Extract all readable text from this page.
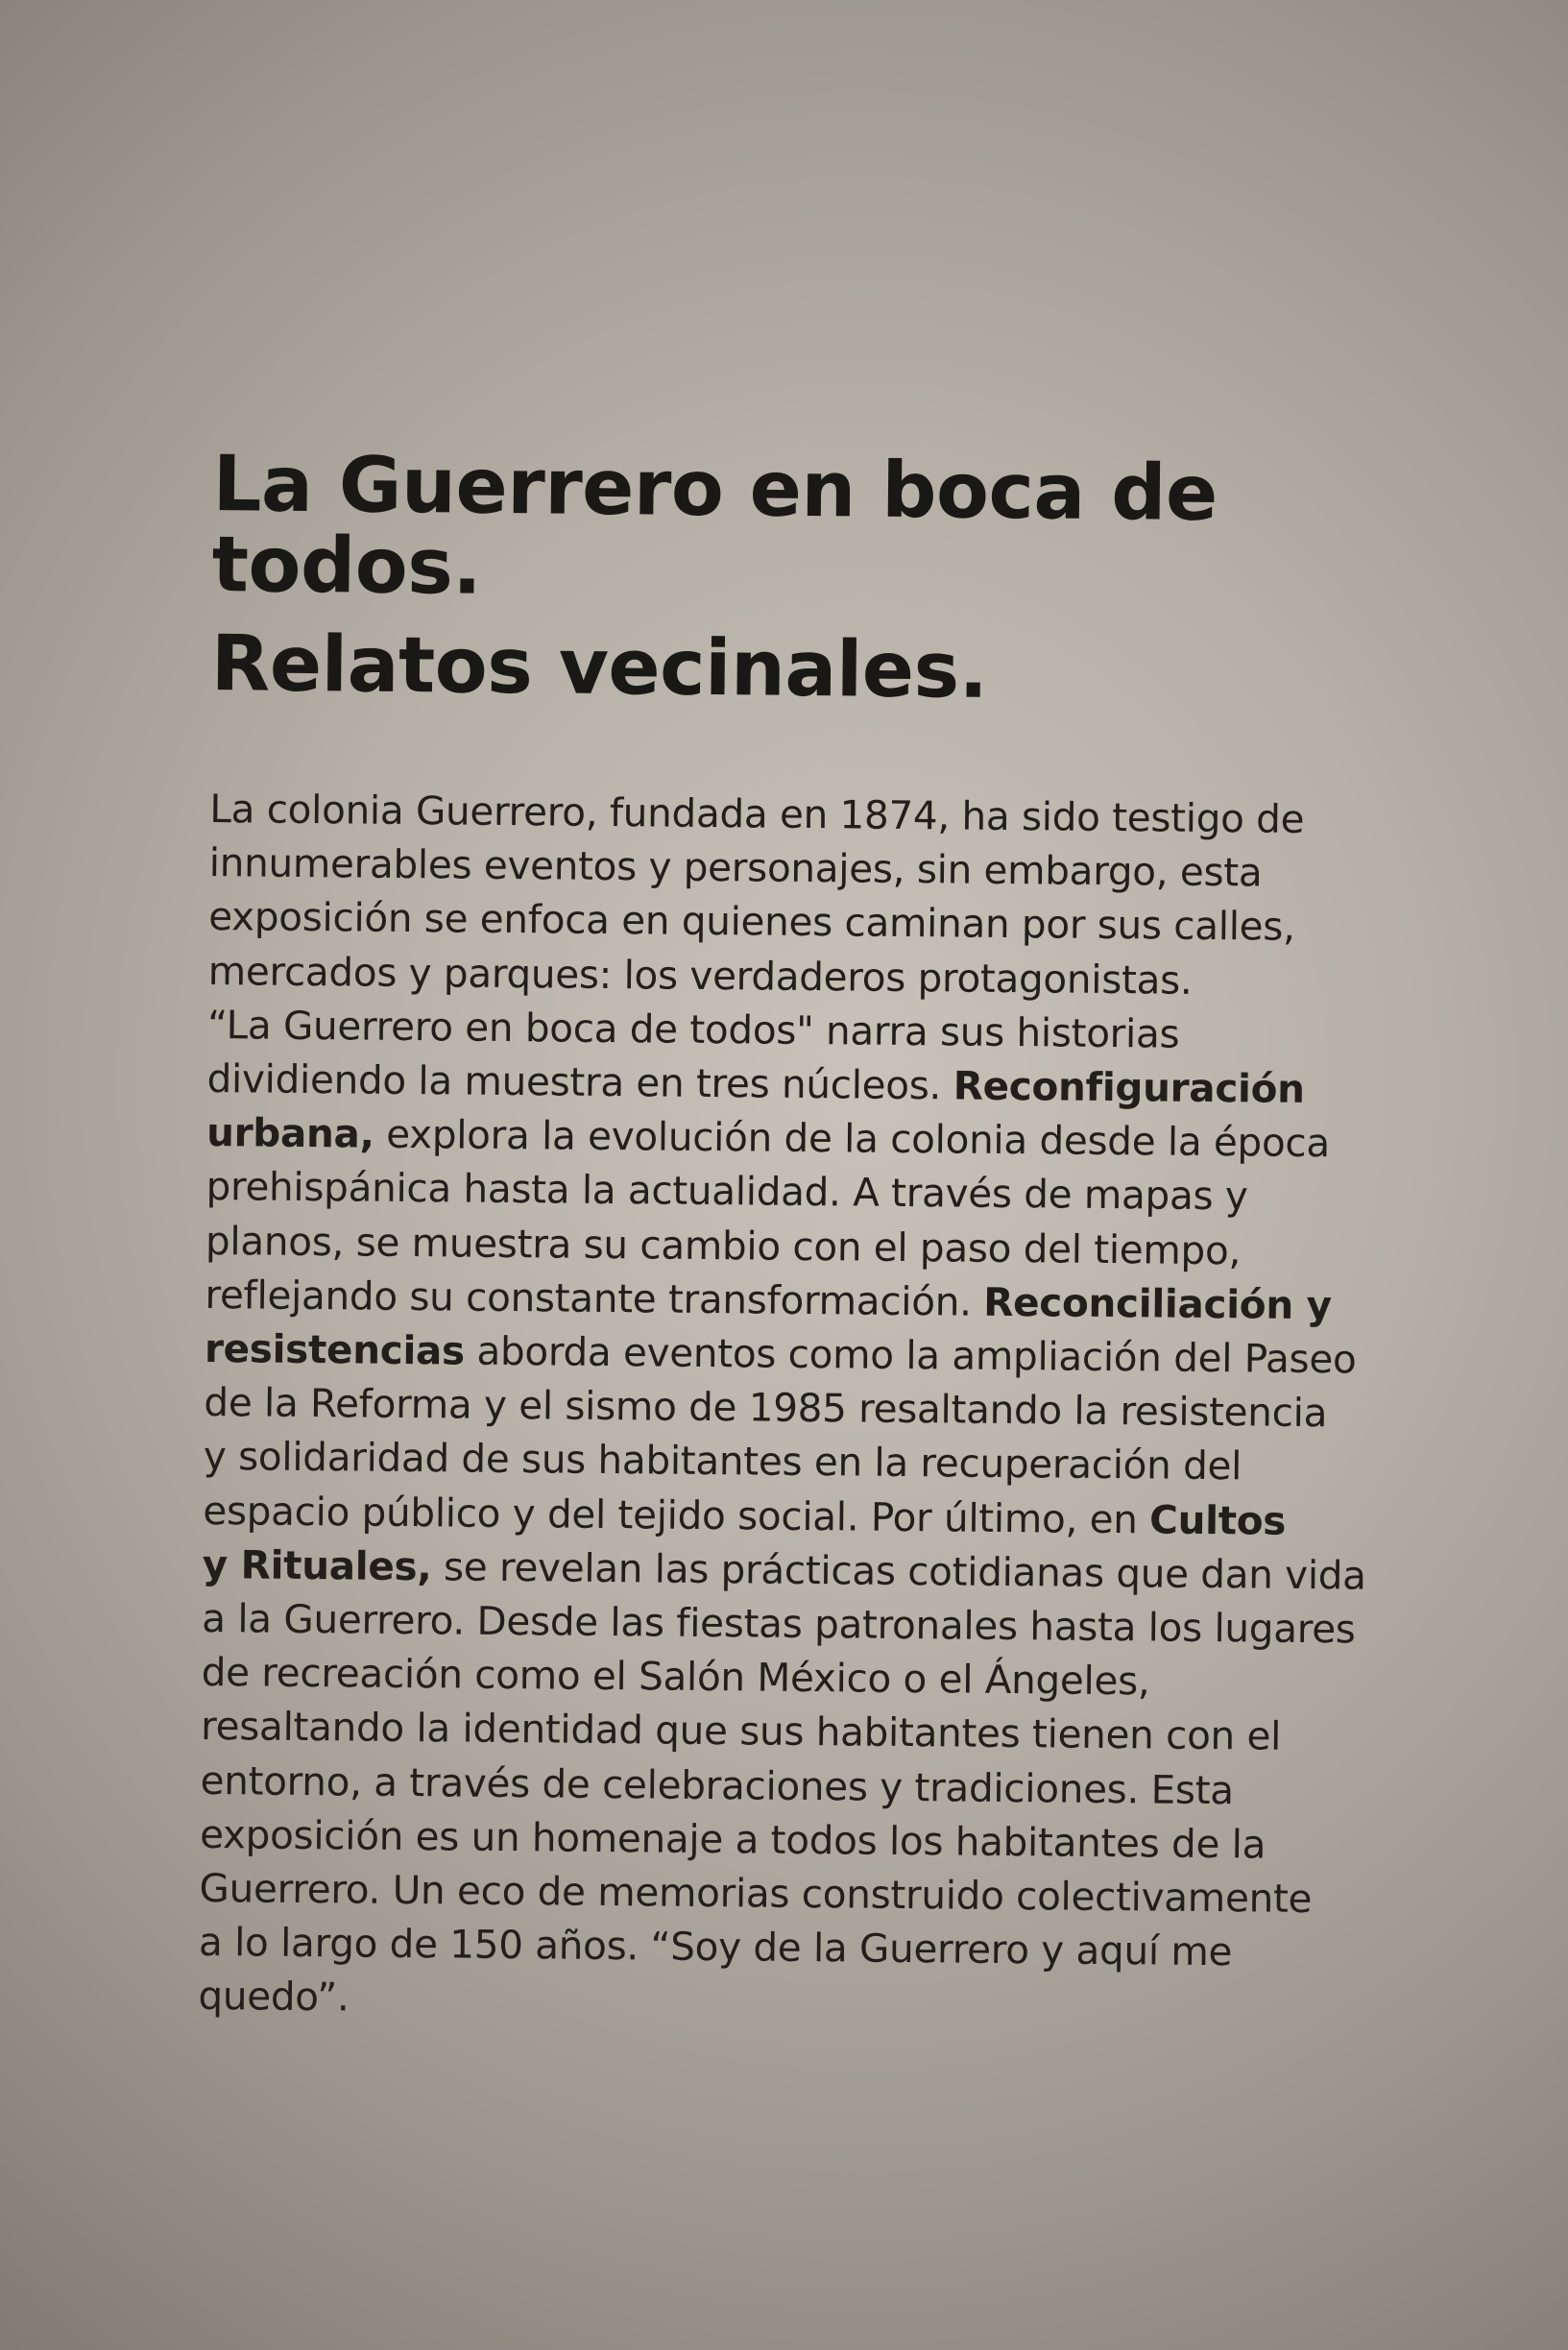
La Guerrero en boca de
todos.
Relatos vecinales.
La colonia Guerrero, fundada en 1874, ha sido testigo de
innumerables eventos y personajes, sin embargo, esta
exposición se enfoca en quienes caminan por sus calles,
mercados y parques: los verdaderos protagonistas.
“La Guerrero en boca de todos" narra sus historias
dividiendo la muestra en tres núcleos. Reconfiguración
urbana, explora la evolución de la colonia desde la época
prehispánica hasta la actualidad. A través de mapas y
planos, se muestra su cambio con el paso del tiempo,
reflejando su constante transformación. Reconciliación y
resistencias aborda eventos como la ampliación del Paseo
de la Reforma y el sismo de 1985 resaltando la resistencia
y solidaridad de sus habitantes en la recuperación del
espacio público y del tejido social. Por último, en Cultos
y Rituales, se revelan las prácticas cotidianas que dan vida
a la Guerrero. Desde las fiestas patronales hasta los lugares
de recreación como el Salón México o el Ángeles,
resaltando la identidad que sus habitantes tienen con el
entorno, a través de celebraciones y tradiciones. Esta
exposición es un homenaje a todos los habitantes de la
Guerrero. Un eco de memorias construido colectivamente
a lo largo de 150 años. “Soy de la Guerrero y aquí me
quedo”.
